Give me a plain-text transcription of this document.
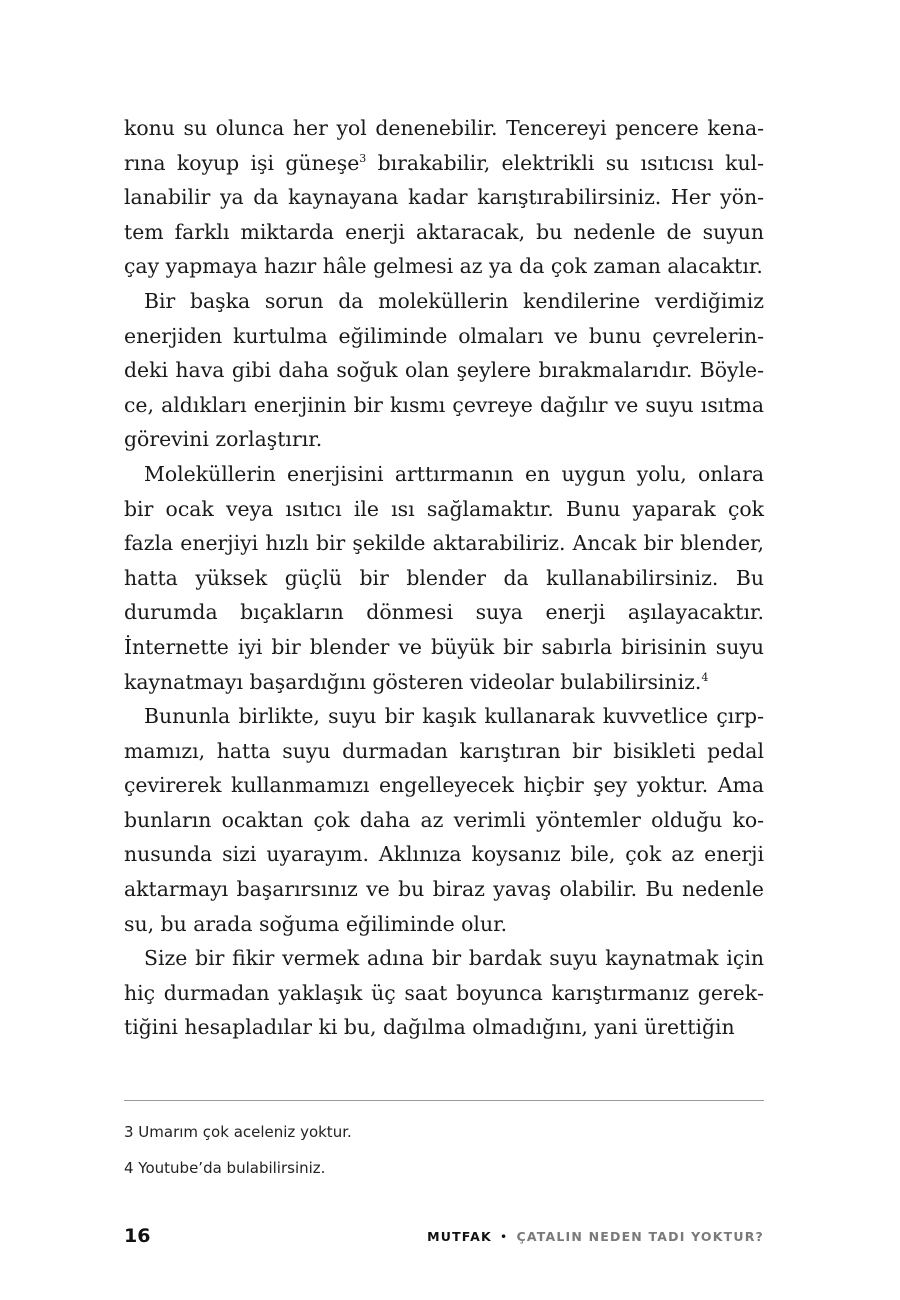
konu su olunca her yol denenebilir. Tencereyi pencere kenarına koyup işi güneşe$^3$ bırakabilir, elektrikli su ısıtıcısı kullanabilir ya da kaynayana kadar karıştırabilirsiniz. Her yöntem farklı miktarda enerji aktaracak, bu nedenle de suyun çay yapmaya hazır hâle gelmesi az ya da çok zaman alacaktır.

Bir başka sorun da moleküllerin kendilerine verdiğimiz enerjiden kurtulma eğiliminde olmaları ve bunu çevrelerindeki hava gibi daha soğuk olan şeylere bırakmalarıdır. Böylece, aldıkları enerjinin bir kısmı çevreye dağılır ve suyu ısıtma görevini zorlaştırır.

Moleküllerin enerjisini arttırmanın en uygun yolu, onlara bir ocak veya ısıtıcı ile ısı sağlamaktır. Bunu yaparak çok fazla enerjiyi hızlı bir şekilde aktarabiliriz. Ancak bir blender, hatta yüksek güçlü bir blender da kullanabilirsiniz. Bu durumda bıçakların dönmesi suya enerji aşılayacaktır. İnternette iyi bir blender ve büyük bir sabırla birisinin suyu kaynatmayı başardığını gösteren videolar bulabilirsiniz.$^4$

Bununla birlikte, suyu bir kaşık kullanarak kuvvetlice çırpmamızı, hatta suyu durmadan karıştıran bir bisikleti pedal çevirerek kullanmamızı engelleyecek hiçbir şey yoktur. Ama bunların ocaktan çok daha az verimli yöntemler olduğu konusunda sizi uyarayım. Aklınıza koysanız bile, çok az enerji aktarmayı başarırsınız ve bu biraz yavaş olabilir. Bu nedenle su, bu arada soğuma eğiliminde olur.

Size bir fikir vermek adına bir bardak suyu kaynatmak için hiç durmadan yaklaşık üç saat boyunca karıştırmanız gerektiğini hesapladılar ki bu, dağılma olmadığını, yani ürettiğin

3 Umarım çok aceleniz yoktur.

4 Youtube’da bulabilirsiniz.

16	MUTFAK • ÇATALIN NEDEN TADI YOKTUR?
